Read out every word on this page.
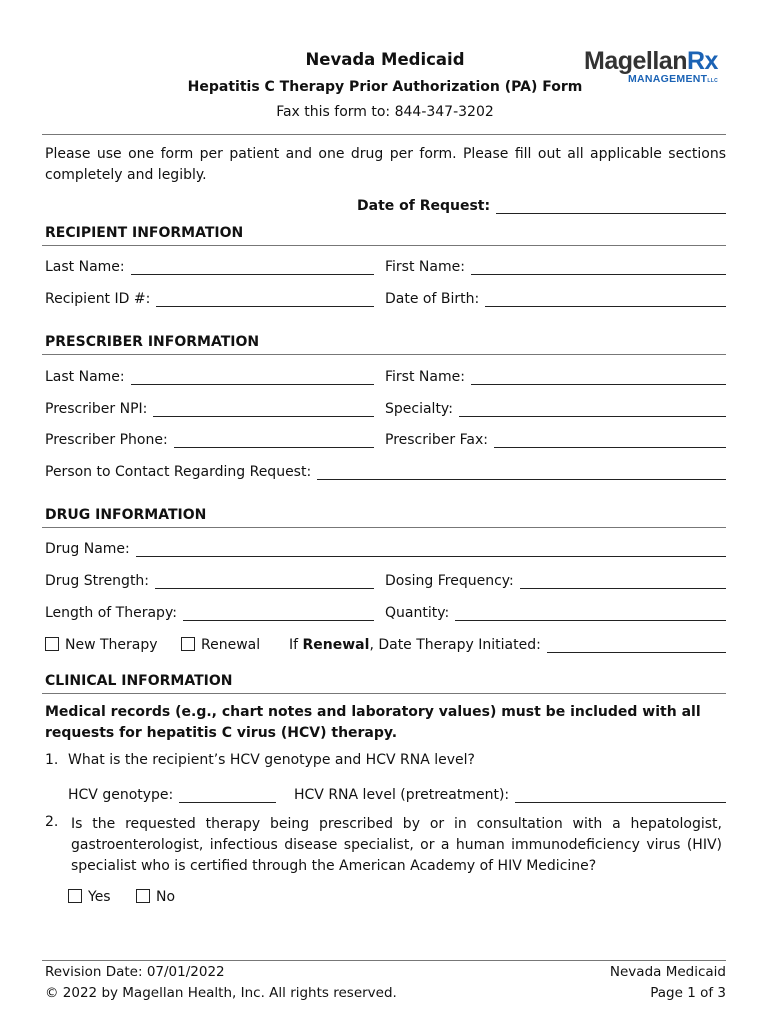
Nevada Medicaid
Hepatitis C Therapy Prior Authorization (PA) Form
Fax this form to: 844-347-3202
MagellanRx
MANAGEMENTLLC
Please use one form per patient and one drug per form. Please fill out all applicable sections completely and legibly.
Date of Request:
RECIPIENT INFORMATION
Last Name:	First Name:
Recipient ID #:	Date of Birth:
PRESCRIBER INFORMATION
Last Name:	First Name:
Prescriber NPI:	Specialty:
Prescriber Phone:	Prescriber Fax:
Person to Contact Regarding Request:
DRUG INFORMATION
Drug Name:
Drug Strength:	Dosing Frequency:
Length of Therapy:	Quantity:
New Therapy	Renewal If Renewal, Date Therapy Initiated:
CLINICAL INFORMATION
Medical records (e.g., chart notes and laboratory values) must be included with all requests for hepatitis C virus (HCV) therapy.
1. What is the recipient’s HCV genotype and HCV RNA level?
HCV genotype:	HCV RNA level (pretreatment):
2. Is the requested therapy being prescribed by or in consultation with a hepatologist, gastroenterologist, infectious disease specialist, or a human immunodeficiency virus (HIV) specialist who is certified through the American Academy of HIV Medicine?
Yes	No
Revision Date: 07/01/2022
© 2022 by Magellan Health, Inc. All rights reserved.
Nevada Medicaid
Page 1 of 3
